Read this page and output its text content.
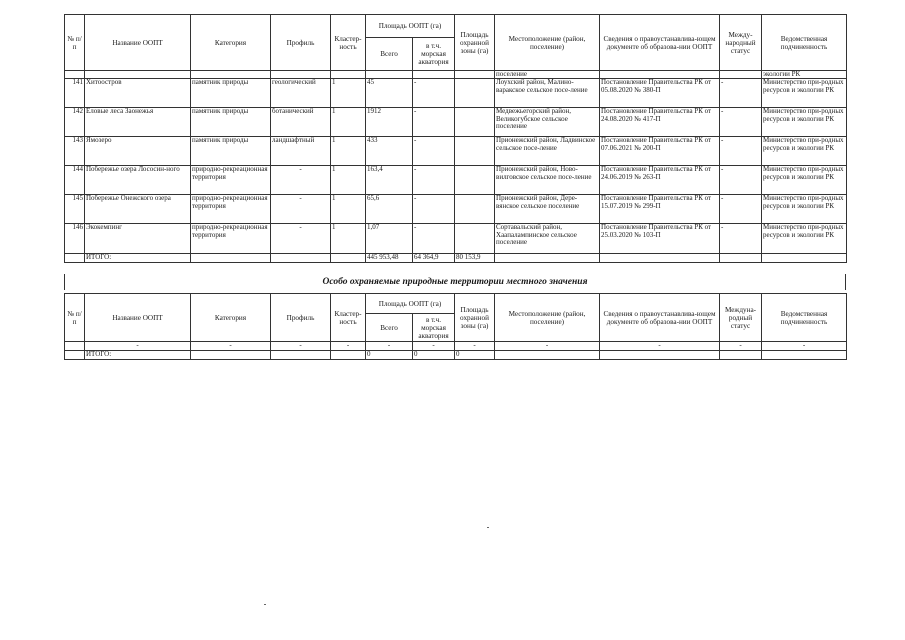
№ п/п	Название ООПТ	Категория	Профиль	Кластер-ность	Площадь ООПТ (га)		Площадь охранной зоны (га)	Местоположение (район, поселение)	Сведения о правоустанавлива-ющем документе об образова-нии ООПТ	Между-народный статус	Ведомственная подчиненность
					Всего	в т.ч. морская акватория					
								поселение			экологии РК
141	Хитоостров	памятник природы	геологический	1	45	-		Лоухский район, Малино-варакское сельское посе-ление	Постановление Правительства РК от 05.08.2020 № 380-П	-	Министерство при-родных ресурсов и экологии РК
142	Еловые леса Заонежья	памятник природы	ботанический	1	1912	-		Медвежьегорский район, Великогубское сельское поселение	Постановление Правительства РК от 24.08.2020 № 417-П	-	Министерство при-родных ресурсов и экологии РК
143	Ямозеро	памятник природы	ландшафтный	1	433	-		Прионежский район, Ладвинское сельское посе-ление	Постановление Правительства РК от 07.06.2021 № 200-П	-	Министерство при-родных ресурсов и экологии РК
144	Побережье озера Лососин-ного	природно-рекреационная территория	-	1	163,4	-		Прионежский район, Ново-вилговское сельское посе-ление	Постановление Правительства РК от 24.06.2019 № 263-П	-	Министерство при-родных ресурсов и экологии РК
145	Побережье Онежского озера	природно-рекреационная территория	-	1	65,6	-		Прионежский район, Дере-вянское сельское поселение	Постановление Правительства РК от 15.07.2019 № 299-П	-	Министерство при-родных ресурсов и экологии РК
146	Экокемпинг	природно-рекреационная территория	-	1	1,07	-		Сортавальский район, Хаапалампинское сельское поселение	Постановление Правительства РК от 25.03.2020 № 103-П	-	Министерство при-родных ресурсов и экологии РК
	ИТОГО:				445 953,48	64 364,9	80 153,9				
Особо охраняемые природные территории местного значения
№ п/п	Название ООПТ	Категория	Профиль	Кластер-ность	Площадь ООПТ (га)		Площадь охранной зоны (га)	Местоположение (район, поселение)	Сведения о правоустанавлива-ющем документе об образова-нии ООПТ	Междуна-родный статус	Ведомственная подчиненность
					Всего	в т.ч. морская акватория					
	-	-	-	-	-	-	-	-	-	-	-
	ИТОГО:				0	0	0				
